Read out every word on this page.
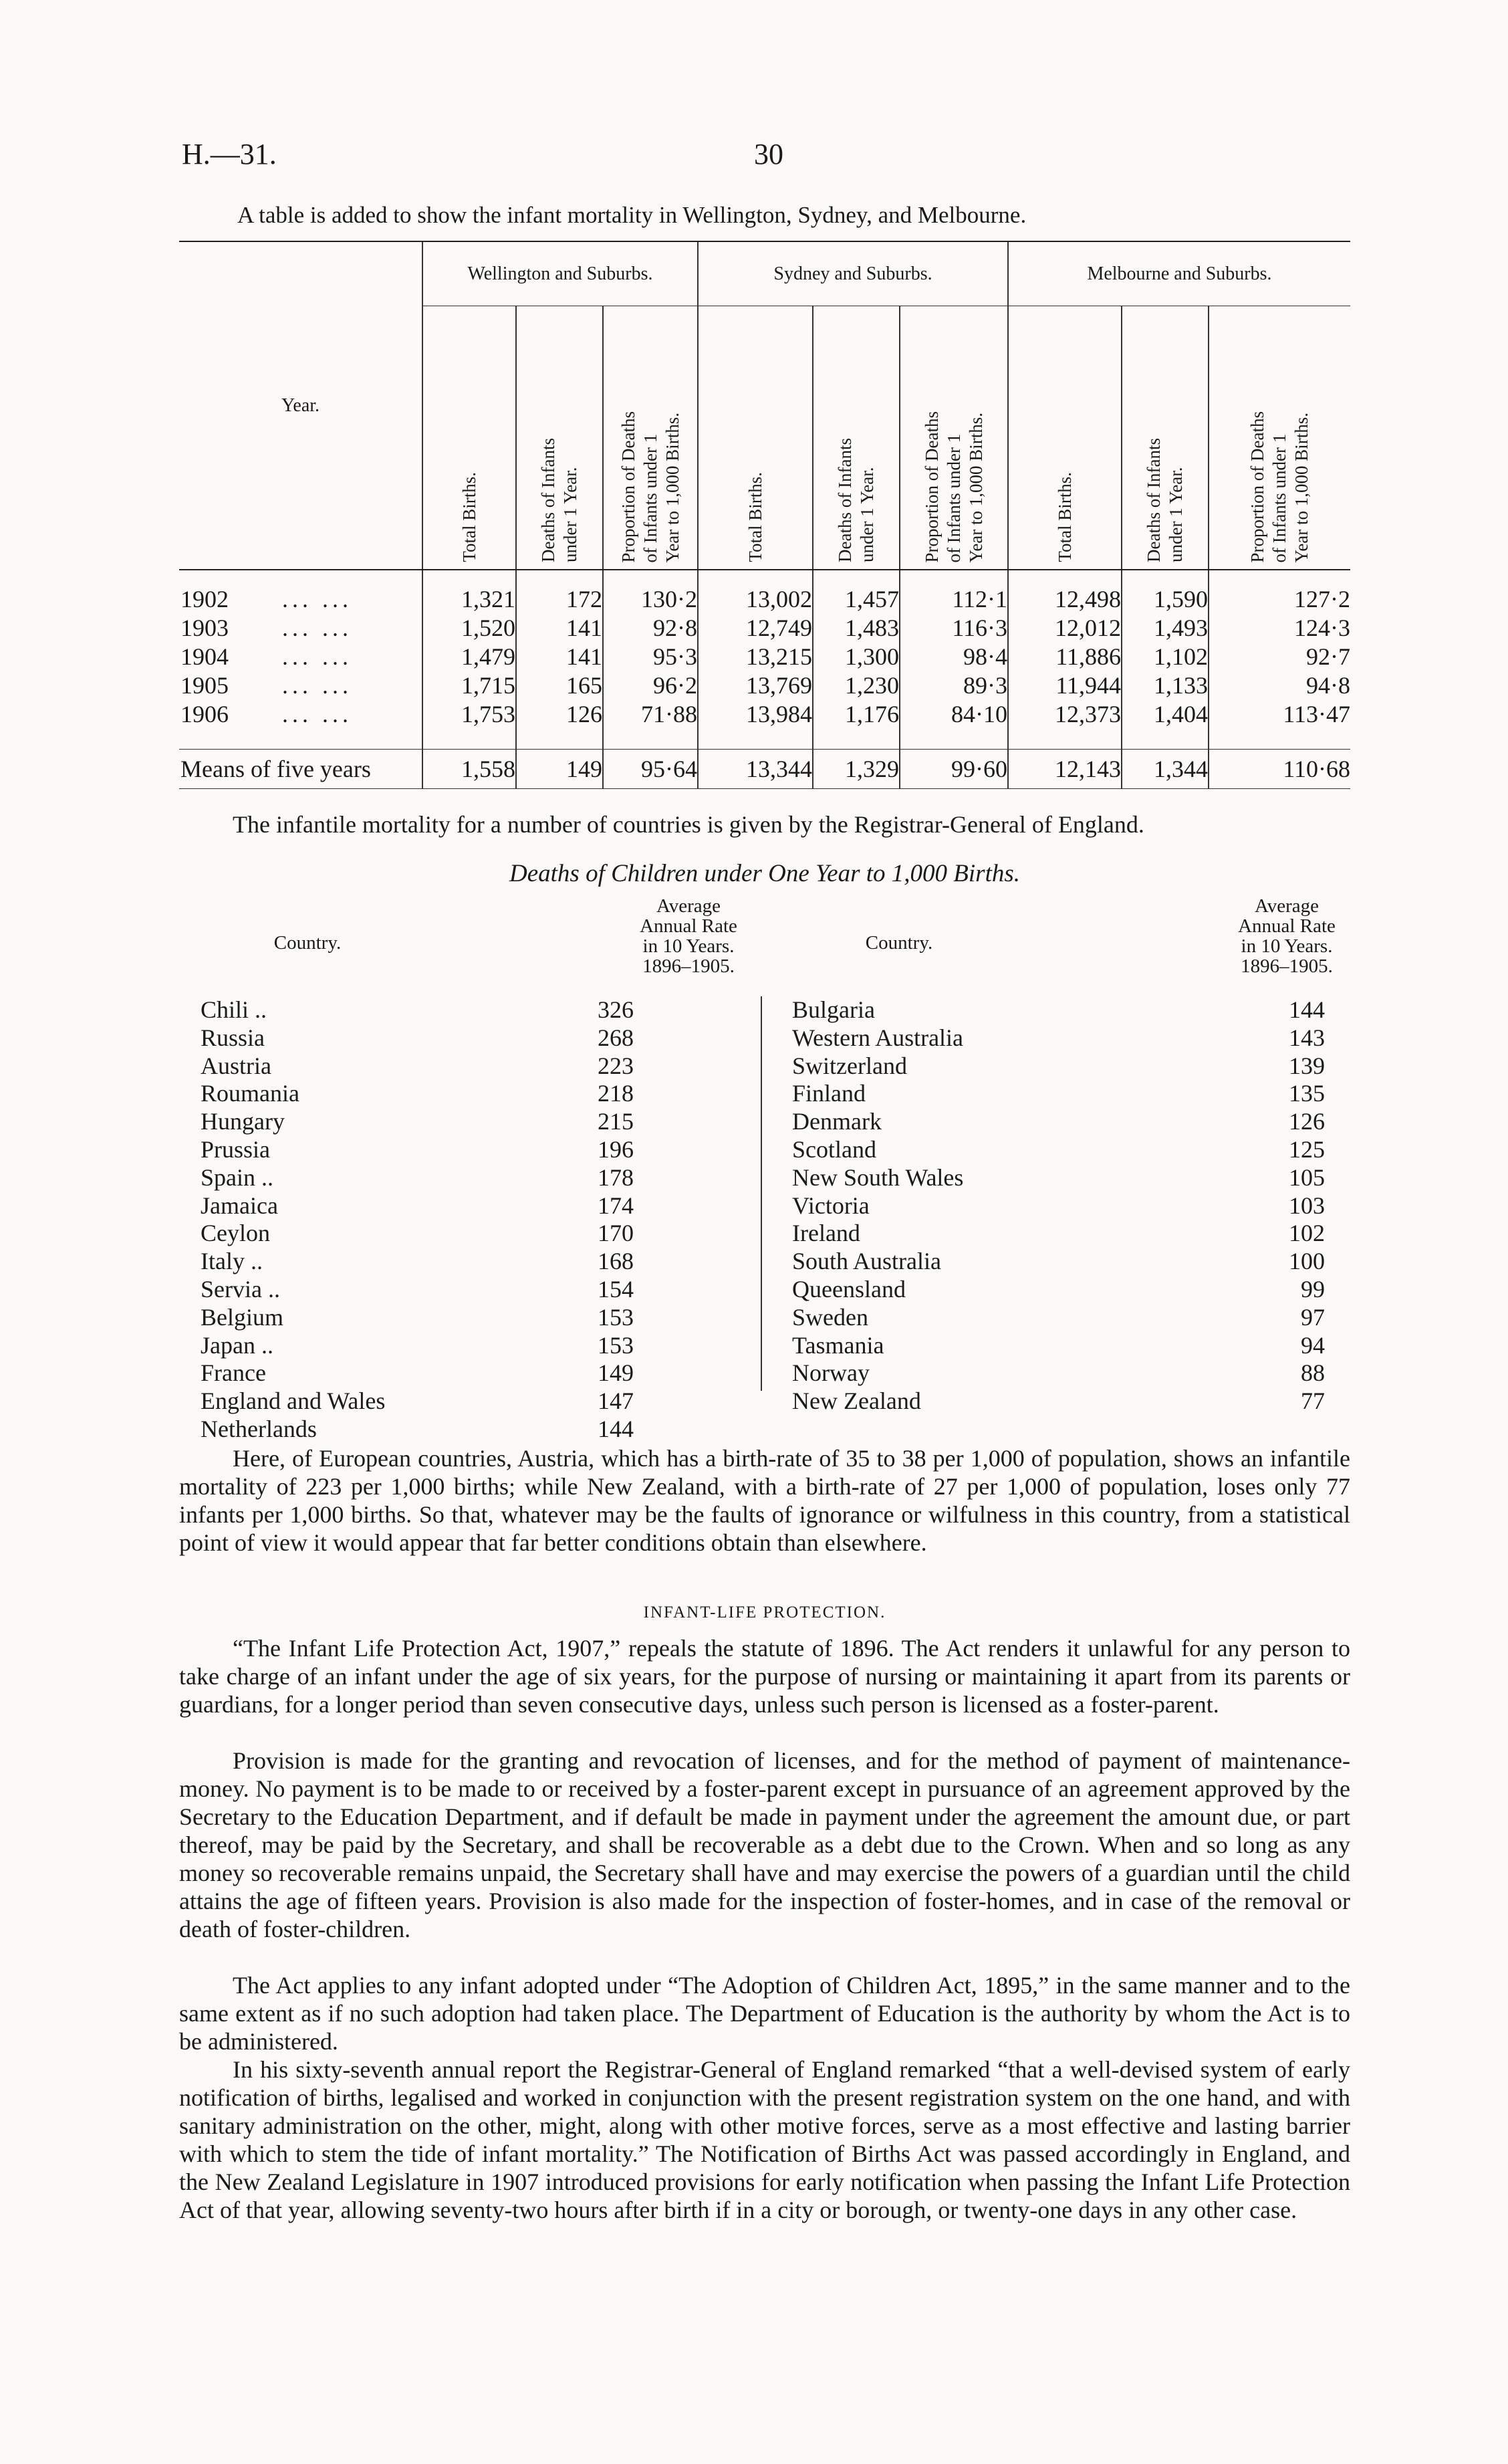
H.—31.	30
A table is added to show the infant mortality in Wellington, Sydney, and Melbourne.
Year.	Wellington and Suburbs.			Sydney and Suburbs.			Melbourne and Suburbs.		

	Total Births.	Deaths of Infants
under 1 Year.	Proportion of Deaths
of Infants under 1
Year to 1,000 Births.	Total Births.	Deaths of Infants
under 1 Year.	Proportion of Deaths
of Infants under 1
Year to 1,000 Births.	Total Births.	Deaths of Infants
under 1 Year.	Proportion of Deaths
of Infants under 1
Year to 1,000 Births.

1902 ... ...	1,321	172	130·2	13,002	1,457	112·1	12,498	1,590	127·2
1903 ... ...	1,520	141	92·8	12,749	1,483	116·3	12,012	1,493	124·3
1904 ... ...	1,479	141	95·3	13,215	1,300	98·4	11,886	1,102	92·7
1905 ... ...	1,715	165	96·2	13,769	1,230	89·3	11,944	1,133	94·8
1906 ... ...	1,753	126	71·88	13,984	1,176	84·10	12,373	1,404	113·47

Means of five years	1,558	149	95·64	13,344	1,329	99·60	12,143	1,344	110·68
The infantile mortality for a number of countries is given by the Registrar-General of England.
Deaths of Children under One Year to 1,000 Births.
Country.
Average
Annual Rate
in 10 Years.
1896–1905.
Country.
Average
Annual Rate
in 10 Years.
1896–1905.
Chili ..	326
Russia	268
Austria	223
Roumania	218
Hungary	215
Prussia	196
Spain ..	178
Jamaica	174
Ceylon	170
Italy ..	168
Servia ..	154
Belgium	153
Japan ..	153
France	149
England and Wales	147
Netherlands	144
Bulgaria	144
Western Australia	143
Switzerland	139
Finland	135
Denmark	126
Scotland	125
New South Wales	105
Victoria	103
Ireland	102
South Australia	100
Queensland	99
Sweden	97
Tasmania	94
Norway	88
New Zealand	77
Here, of European countries, Austria, which has a birth-rate of 35 to 38 per 1,000 of population, shows an infantile mortality of 223 per 1,000 births; while New Zealand, with a birth-rate of 27 per 1,000 of population, loses only 77 infants per 1,000 births. So that, whatever may be the faults of ignorance or wilfulness in this country, from a statistical point of view it would appear that far better conditions obtain than elsewhere.
INFANT-LIFE PROTECTION.
“The Infant Life Protection Act, 1907,” repeals the statute of 1896. The Act renders it unlawful for any person to take charge of an infant under the age of six years, for the purpose of nursing or maintaining it apart from its parents or guardians, for a longer period than seven consecutive days, unless such person is licensed as a foster-parent.
Provision is made for the granting and revocation of licenses, and for the method of payment of maintenance-money. No payment is to be made to or received by a foster-parent except in pursuance of an agreement approved by the Secretary to the Education Department, and if default be made in payment under the agreement the amount due, or part thereof, may be paid by the Secretary, and shall be recoverable as a debt due to the Crown. When and so long as any money so recoverable remains unpaid, the Secretary shall have and may exercise the powers of a guardian until the child attains the age of fifteen years. Provision is also made for the inspection of foster-homes, and in case of the removal or death of foster-children.
The Act applies to any infant adopted under “The Adoption of Children Act, 1895,” in the same manner and to the same extent as if no such adoption had taken place. The Department of Education is the authority by whom the Act is to be administered.
In his sixty-seventh annual report the Registrar-General of England remarked “that a well-devised system of early notification of births, legalised and worked in conjunction with the present registration system on the one hand, and with sanitary administration on the other, might, along with other motive forces, serve as a most effective and lasting barrier with which to stem the tide of infant mortality.” The Notification of Births Act was passed accordingly in England, and the New Zealand Legislature in 1907 introduced provisions for early notification when passing the Infant Life Protection Act of that year, allowing seventy-two hours after birth if in a city or borough, or twenty-one days in any other case.
